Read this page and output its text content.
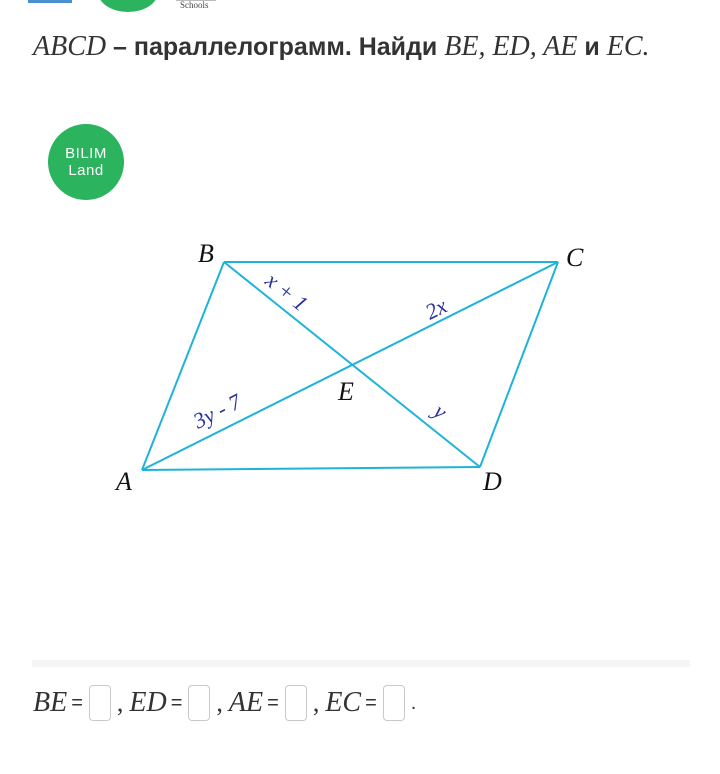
Schools
ABCD – параллелограмм. Найди BE, ED, AE и EC.
BILIM
Land
B	C
A	D
E
x + 1	2x
3y - 7	y
BE = , ED = , AE = , EC = .
